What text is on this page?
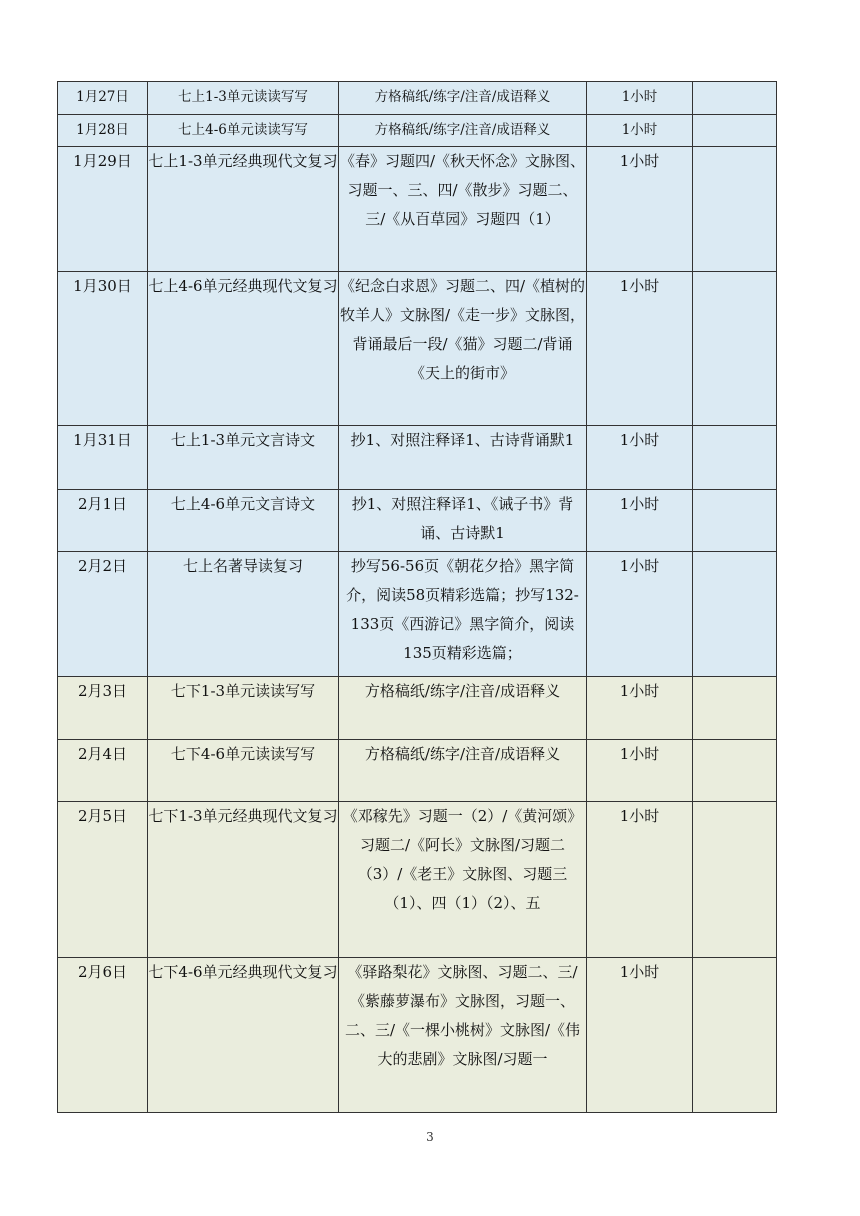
1月27日	七上1-3单元读读写写	方格稿纸/练字/注音/成语释义	1小时	
1月28日	七上4-6单元读读写写	方格稿纸/练字/注音/成语释义	1小时	
1月29日	七上1-3单元经典现代文复习	《春》习题四/《秋天怀念》文脉图、习题一、三、四/《散步》习题二、三/《从百草园》习题四（1）	1小时	
1月30日	七上4-6单元经典现代文复习	《纪念白求恩》习题二、四/《植树的牧羊人》文脉图/《走一步》文脉图，背诵最后一段/《猫》习题二/背诵《天上的街市》	1小时	
1月31日	七上1-3单元文言诗文	抄1、对照注释译1、古诗背诵默1	1小时	
2月1日	七上4-6单元文言诗文	抄1、对照注释译1、《诫子书》背诵、古诗默1	1小时	
2月2日	七上名著导读复习	抄写56-56页《朝花夕拾》黑字简介，阅读58页精彩选篇；抄写132-133页《西游记》黑字简介，阅读135页精彩选篇；	1小时	
2月3日	七下1-3单元读读写写	方格稿纸/练字/注音/成语释义	1小时	
2月4日	七下4-6单元读读写写	方格稿纸/练字/注音/成语释义	1小时	
2月5日	七下1-3单元经典现代文复习	《邓稼先》习题一（2）/《黄河颂》习题二/《阿长》文脉图/习题二（3）/《老王》文脉图、习题三（1）、四（1）（2）、五	1小时	
2月6日	七下4-6单元经典现代文复习	《驿路梨花》文脉图、习题二、三/《紫藤萝瀑布》文脉图，习题一、二、三/《一棵小桃树》文脉图/《伟大的悲剧》文脉图/习题一	1小时	
3
